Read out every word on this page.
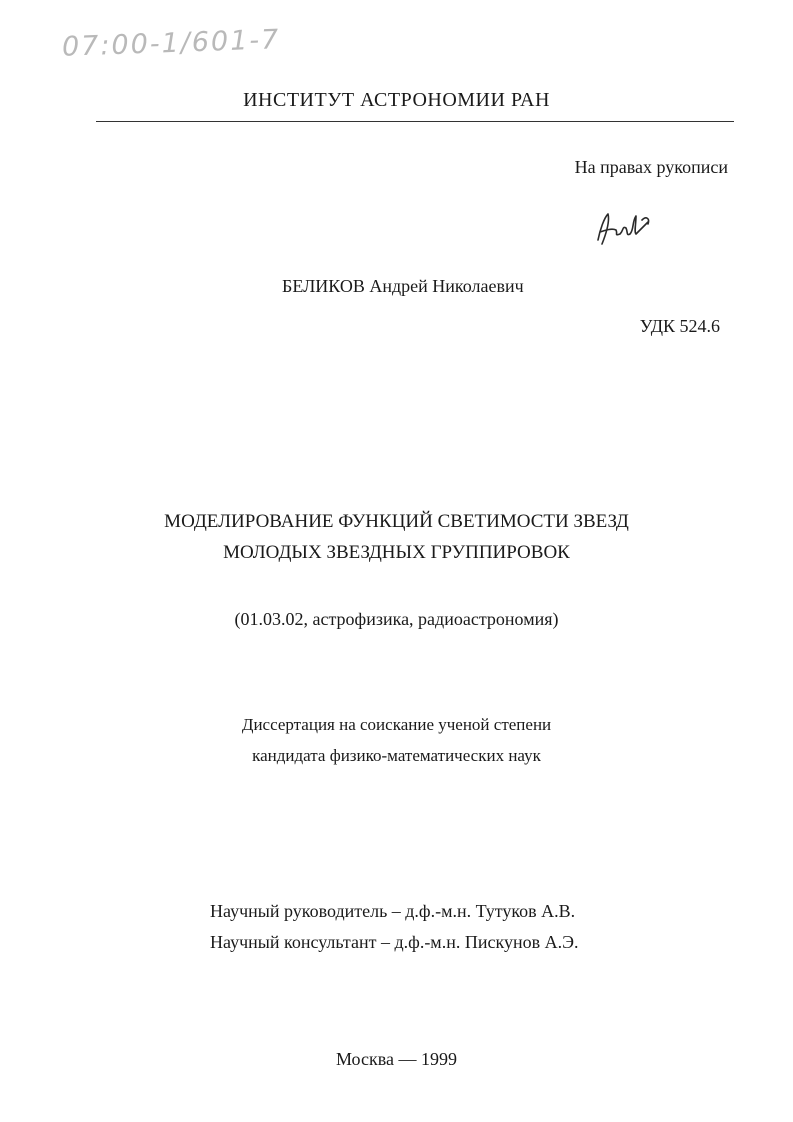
07:00-1/601-7
ИНСТИТУТ АСТРОНОМИИ РАН
На правах рукописи
БЕЛИКОВ Андрей Николаевич
УДК 524.6
МОДЕЛИРОВАНИЕ ФУНКЦИЙ СВЕТИМОСТИ ЗВЕЗД
МОЛОДЫХ ЗВЕЗДНЫХ ГРУППИРОВОК
(01.03.02, астрофизика, радиоастрономия)
Диссертация на соискание ученой степени
кандидата физико-математических наук
Научный руководитель – д.ф.-м.н. Тутуков А.В.
Научный консультант – д.ф.-м.н. Пискунов А.Э.
Москва — 1999
